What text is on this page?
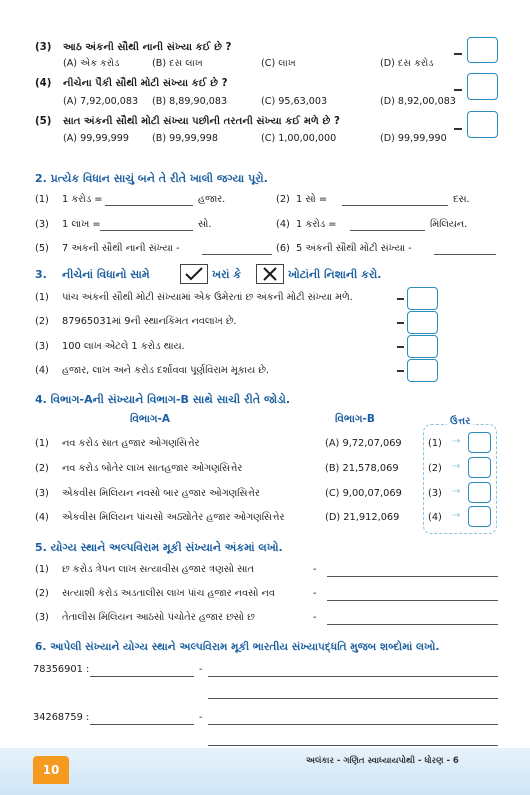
(3) આઠ અંકની સૌથી નાની સંખ્યા કઈ છે ?
(A) એક કરોડ	(B) દસ લાખ	(C) લાખ	(D) દસ કરોડ
(4) નીચેના પૈકી સૌથી મોટી સંખ્યા કઈ છે ?
(A) 7,92,00,083 (B) 8,89,90,083	(C) 95,63,003	(D) 8,92,00,083
(5) સાત અંકની સૌથી મોટી સંખ્યા પછીની તરતની સંખ્યા કઈ મળે છે ?
(A) 99,99,999 (B) 99,99,998	(C) 1,00,00,000	(D) 99,99,990
2. પ્રત્યેક વિધાન સાચું બને તે રીતે ખાલી જગ્યા પૂરો.
(1) 1 કરોડ =	હજાર.	(2) 1 સો =	દસ.
(3) 1 લાખ =	સો.	(4) 1 કરોડ =	મિલિયન.
(5) 7 અંકની સૌથી નાની સંખ્યા -	(6) 5 અંકની સૌથી મોટી સંખ્યા -
3. નીચેનાં વિધાનો સામે	ખરાં કે	ખોટાંની નિશાની કરો.
(1) પાંચ અંકની સૌથી મોટી સંખ્યામાં એક ઉમેરતાં છ અંકની મોટી સંખ્યા મળે.
(2) 87965031માં 9ની સ્થાનકિંમત નવલાખ છે.
(3) 100 લાખ એટલે 1 કરોડ થાય.
(4) હજાર, લાખ અને કરોડ દર્શાવવા પૂર્ણવિરામ મૂકાય છે.
4. વિભાગ-Aની સંખ્યાને વિભાગ-B સાથે સાચી રીતે જોડો.
વિભાગ-A	વિભાગ-B	ઉત્તર
(1) નવ કરોડ સાત હજાર ઓગણસિત્તેર	(A) 9,72,07,069	(1) →
(2) નવ કરોડ બોતેર લાખ સાતહજાર ઓગણસિત્તેર	(B) 21,578,069	(2) →
(3) એકવીસ મિલિયન નવસો બાર હજાર ઓગણસિત્તેર	(C) 9,00,07,069	(3) →
(4) એકવીસ મિલિયન પાંચસો અઠ્યોતેર હજાર ઓગણસિત્તેર	(D) 21,912,069	(4) →
5. યોગ્ય સ્થાને અલ્પવિરામ મૂકી સંખ્યાને અંકમાં લખો.
(1) છ કરોડ ત્રેપન લાખ સત્યાવીસ હજાર ત્રણસો સાત	-
(2) સત્યાશી કરોડ અડતાલીસ લાખ પાંચ હજાર નવસો નવ	-
(3) તેતાલીસ મિલિયન આઠસો પંચોતેર હજાર છસો છ	-
6. આપેલી સંખ્યાને યોગ્ય સ્થાને અલ્પવિરામ મૂકી ભારતીય સંખ્યાપદ્ધતિ મુજબ શબ્દોમાં લખો.
78356901 :	-
34268759 :	-
10
અલંકાર - ગણિત સ્વાધ્યાયપોથી - ધોરણ - 6
